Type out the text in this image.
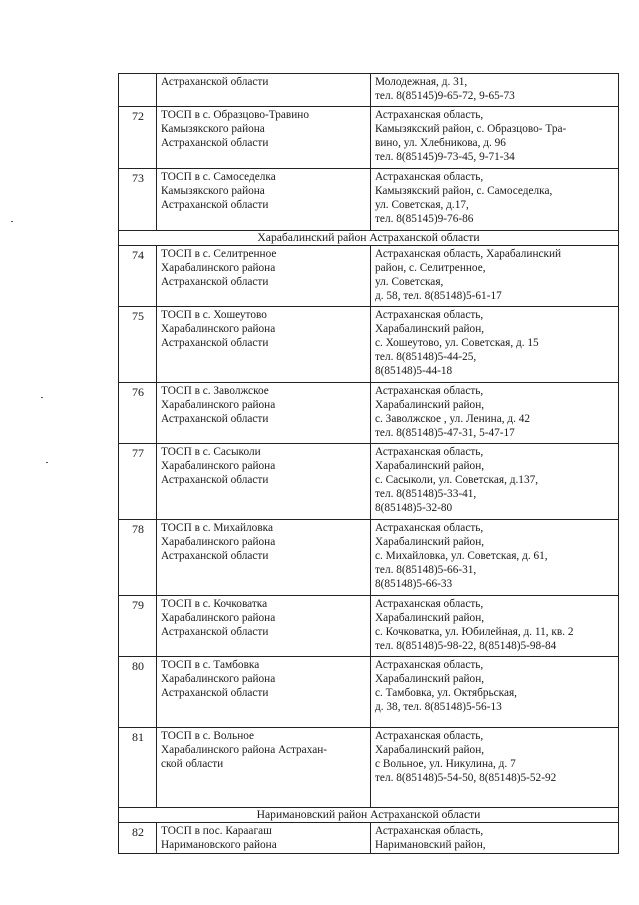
	Астраханской области	Молодежная, д. 31,
тел. 8(85145)9-65-72, 9-65-73

72	ТОСП в с. Образцово-Травино
Камызякского района
Астраханской области	Астраханская область,
Камызякский район, с. Образцово- Тра-
вино, ул. Хлебникова, д. 96
тел. 8(85145)9-73-45, 9-71-34

73	ТОСП в с. Самоседелка
Камызякского района
Астраханской области	Астраханская область,
Камызякский район, с. Самоседелка,
ул. Советская, д.17,
тел. 8(85145)9-76-86

Харабалинский район Астраханской области		
74	ТОСП в с. Селитренное
Харабалинского района
Астраханской области	Астраханская область, Харабалинский
район, с. Селитренное,
ул. Советская,
д. 58, тел. 8(85148)5-61-17

75	ТОСП в с. Хошеутово
Харабалинского района
Астраханской области	Астраханская область,
Харабалинский район,
с. Хошеутово, ул. Советская, д. 15
тел. 8(85148)5-44-25,
8(85148)5-44-18

76	ТОСП в с. Заволжское
Харабалинского района
Астраханской области	Астраханская область,
Харабалинский район,
с. Заволжское , ул. Ленина, д. 42
тел. 8(85148)5-47-31, 5-47-17

77	ТОСП в с. Сасыколи
Харабалинского района
Астраханской области	Астраханская область,
Харабалинский район,
с. Сасыколи, ул. Советская, д.137,
тел. 8(85148)5-33-41,
8(85148)5-32-80

78	ТОСП в с. Михайловка
Харабалинского района
Астраханской области	Астраханская область,
Харабалинский район,
с. Михайловка, ул. Советская, д. 61,
тел. 8(85148)5-66-31,
8(85148)5-66-33

79	ТОСП в с. Кочковатка
Харабалинского района
Астраханской области	Астраханская область,
Харабалинский район,
с. Кочковатка, ул. Юбилейная, д. 11, кв. 2
тел. 8(85148)5-98-22, 8(85148)5-98-84

80	ТОСП в с. Тамбовка
Харабалинского района
Астраханской области	Астраханская область,
Харабалинский район,
с. Тамбовка, ул. Октябрьская,
д. 38, тел. 8(85148)5-56-13

81	ТОСП в с. Вольное
Харабалинского района Астрахан-
ской области	Астраханская область,
Харабалинский район,
с Вольное, ул. Никулина, д. 7
тел. 8(85148)5-54-50, 8(85148)5-52-92

Наримановский район Астраханской области		
82	ТОСП в пос. Караагаш
Наримановского района	Астраханская область,
Наримановский район,
